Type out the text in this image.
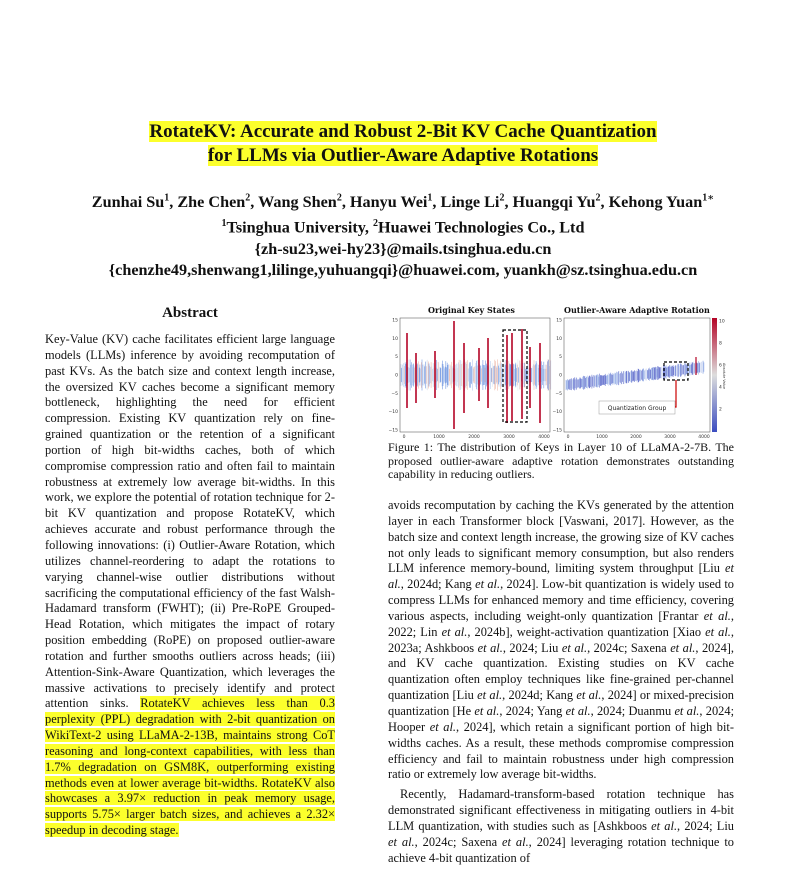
RotateKV: Accurate and Robust 2-Bit KV Cache Quantization
for LLMs via Outlier-Aware Adaptive Rotations
Zunhai Su$^1$, Zhe Chen$^2$, Wang Shen$^2$, Hanyu Wei$^1$, Linge Li$^2$, Huangqi Yu$^2$, Kehong Yuan$^{1∗}$
$^1$Tsinghua University, $^2$Huawei Technologies Co., Ltd
{zh-su23,wei-hy23}@mails.tsinghua.edu.cn
{chenzhe49,shenwang1,lilinge,yuhuangqi}@huawei.com, yuankh@sz.tsinghua.edu.cn
Abstract
Key-Value (KV) cache facilitates efficient large language models (LLMs) inference by avoiding recomputation of past KVs. As the batch size and context length increase, the oversized KV caches become a significant memory bottleneck, highlighting the need for efficient compression. Existing KV quantization rely on fine-grained quantization or the retention of a significant portion of high bit-widths caches, both of which compromise compression ratio and often fail to maintain robustness at extremely low average bit-widths. In this work, we explore the potential of rotation technique for 2-bit KV quantization and propose RotateKV, which achieves accurate and robust performance through the following innovations: (i) Outlier-Aware Rotation, which utilizes channel-reordering to adapt the rotations to varying channel-wise outlier distributions without sacrificing the computational efficiency of the fast Walsh-Hadamard transform (FWHT); (ii) Pre-RoPE Grouped-Head Rotation, which mitigates the impact of rotary position embedding (RoPE) on proposed outlier-aware rotation and further smooths outliers across heads; (iii) Attention-Sink-Aware Quantization, which leverages the massive activations to precisely identify and protect attention sinks. RotateKV achieves less than 0.3 perplexity (PPL) degradation with 2-bit quantization on WikiText-2 using LLaMA-2-13B, maintains strong CoT reasoning and long-context capabilities, with less than 1.7% degradation on GSM8K, outperforming existing methods even at lower average bit-widths. RotateKV also showcases a 3.97× reduction in peak memory usage, supports 5.75× larger batch sizes, and achieves a 2.32× speedup in decoding stage.
Original Key States	Outlier-Aware Adaptive Rotation
Quantization Group
Absolute Value
15
10
5
0
−5
−10
−15
0	1000	2000	3000	4000
15
10
5
0
−5
−10
−15
0	1000	2000	3000	4000
10
8
6
4
2
Figure 1: The distribution of Keys in Layer 10 of LLaMA-2-7B. The proposed outlier-aware adaptive rotation demonstrates outstanding capability in reducing outliers.

avoids recomputation by caching the KVs generated by the attention layer in each Transformer block [Vaswani, 2017]. However, as the batch size and context length increase, the growing size of KV caches not only leads to significant memory consumption, but also renders LLM inference memory-bound, limiting system throughput [Liu et al., 2024d; Kang et al., 2024]. Low-bit quantization is widely used to compress LLMs for enhanced memory and time efficiency, covering various aspects, including weight-only quantization [Frantar et al., 2022; Lin et al., 2024b], weight-activation quantization [Xiao et al., 2023a; Ashkboos et al., 2024; Liu et al., 2024c; Saxena et al., 2024], and KV cache quantization. Existing studies on KV cache quantization often employ techniques like fine-grained per-channel quantization [Liu et al., 2024d; Kang et al., 2024] or mixed-precision quantization [He et al., 2024; Yang et al., 2024; Duanmu et al., 2024; Hooper et al., 2024], which retain a significant portion of high bit-widths caches. As a result, these methods compromise compression efficiency and fail to maintain robustness under high compression ratio or extremely low average bit-widths.

Recently, Hadamard-transform-based rotation technique has demonstrated significant effectiveness in mitigating outliers in 4-bit LLM quantization, with studies such as [Ashkboos et al., 2024; Liu et al., 2024c; Saxena et al., 2024] leveraging rotation technique to achieve 4-bit quantization of
